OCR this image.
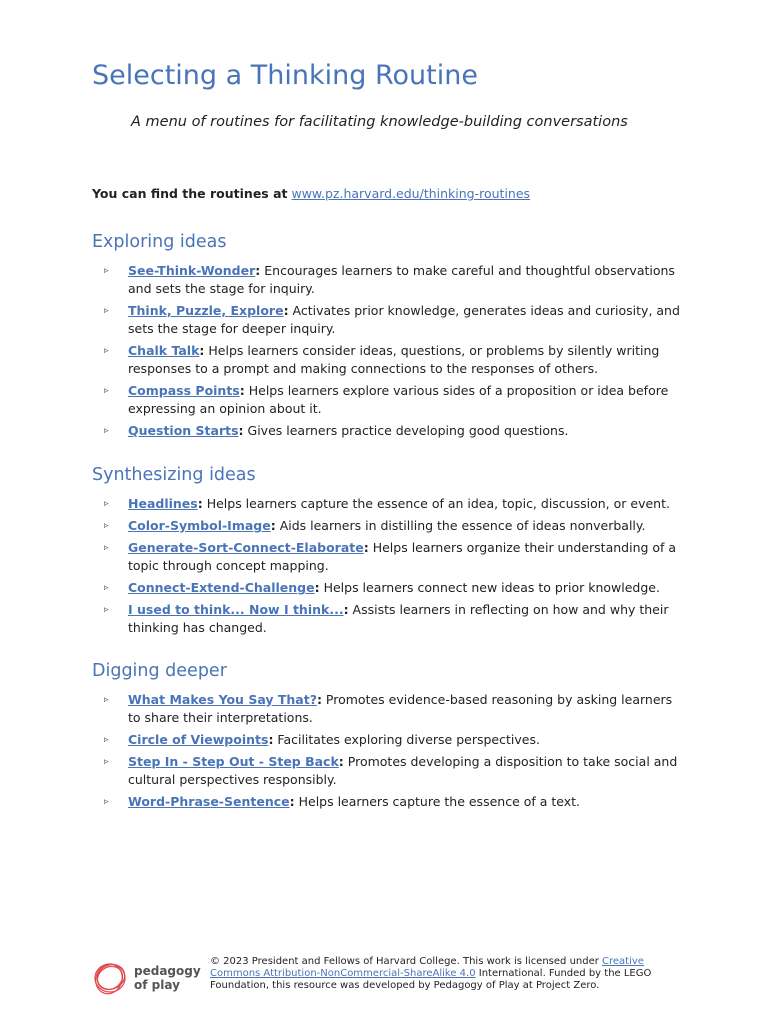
Selecting a Thinking Routine
A menu of routines for facilitating knowledge-building conversations
You can find the routines at www.pz.harvard.edu/thinking-routines
Exploring ideas
▹ See-Think-Wonder: Encourages learners to make careful and thoughtful observations and sets the stage for inquiry.
▹ Think, Puzzle, Explore: Activates prior knowledge, generates ideas and curiosity, and sets the stage for deeper inquiry.
▹ Chalk Talk: Helps learners consider ideas, questions, or problems by silently writing responses to a prompt and making connections to the responses of others.
▹ Compass Points: Helps learners explore various sides of a proposition or idea before expressing an opinion about it.
▹ Question Starts: Gives learners practice developing good questions.
Synthesizing ideas
▹ Headlines: Helps learners capture the essence of an idea, topic, discussion, or event.
▹ Color-Symbol-Image: Aids learners in distilling the essence of ideas nonverbally.
▹ Generate-Sort-Connect-Elaborate: Helps learners organize their understanding of a topic through concept mapping.
▹ Connect-Extend-Challenge: Helps learners connect new ideas to prior knowledge.
▹ I used to think... Now I think...: Assists learners in reflecting on how and why their thinking has changed.
Digging deeper
▹ What Makes You Say That?: Promotes evidence-based reasoning by asking learners to share their interpretations.
▹ Circle of Viewpoints: Facilitates exploring diverse perspectives.
▹ Step In - Step Out - Step Back: Promotes developing a disposition to take social and cultural perspectives responsibly.
▹ Word-Phrase-Sentence: Helps learners capture the essence of a text.
pedagogy
of play
© 2023 President and Fellows of Harvard College. This work is licensed under Creative Commons Attribution-NonCommercial-ShareAlike 4.0 International. Funded by the LEGO Foundation, this resource was developed by Pedagogy of Play at Project Zero.
